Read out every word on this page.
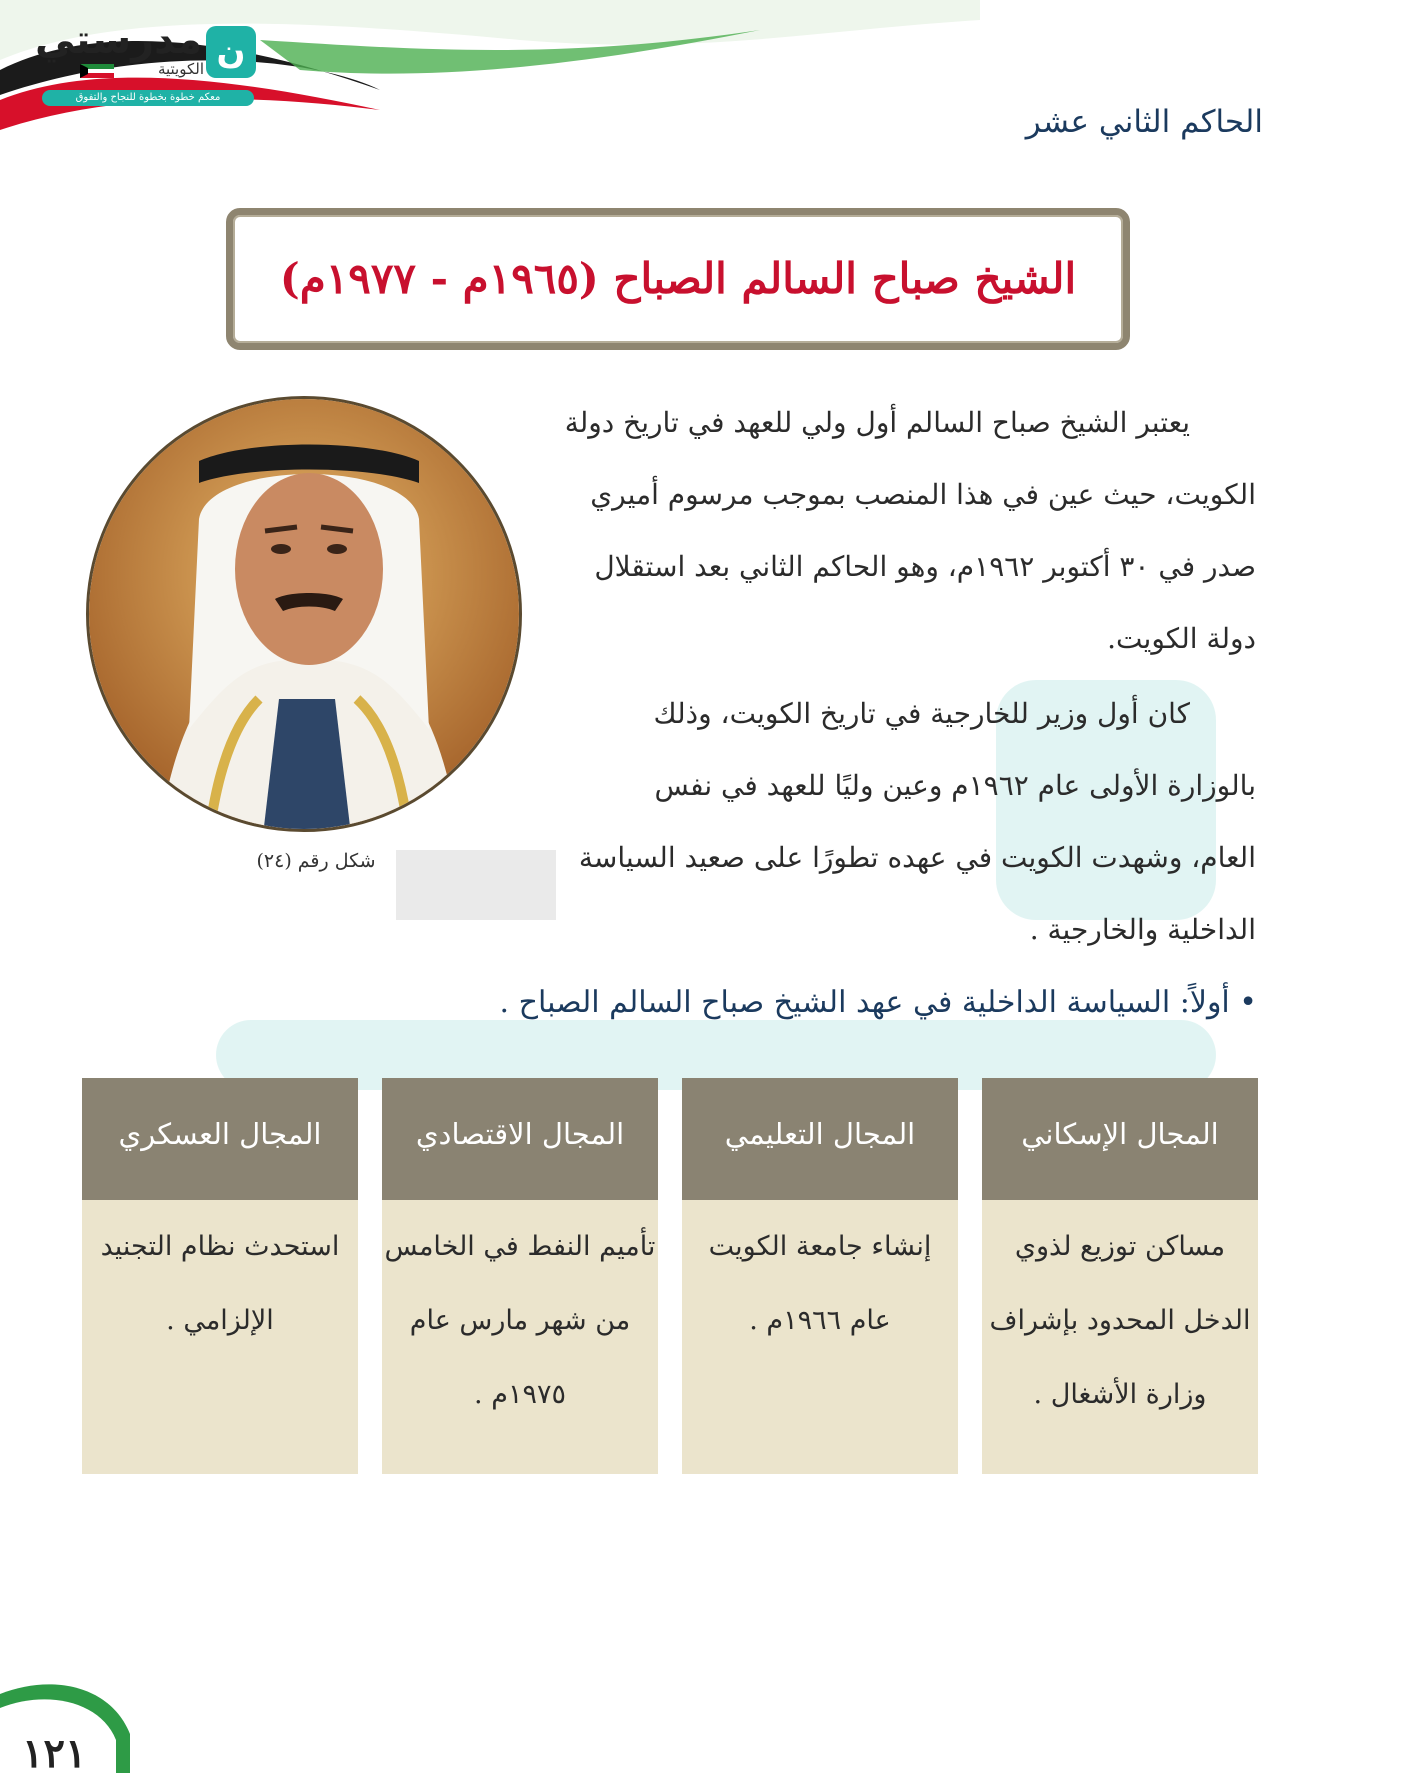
ن
مدرستي
الكويتية
معكم خطوة بخطوة للنجاح والتفوق
الحاكم الثاني عشر
الشيخ صباح السالم الصباح (١٩٦٥م - ١٩٧٧م)
شكل رقم (٢٤)
يعتبر الشيخ صباح السالم أول ولي للعهد في تاريخ دولة
الكويت، حيث عين في هذا المنصب بموجب مرسوم أميري
صدر في ٣٠ أكتوبر ١٩٦٢م، وهو الحاكم الثاني بعد استقلال
دولة الكويت.
كان أول وزير للخارجية في تاريخ الكويت، وذلك
بالوزارة الأولى عام ١٩٦٢م وعين وليًا للعهد في نفس
العام، وشهدت الكويت في عهده تطورًا على صعيد السياسة
الداخلية والخارجية .
• أولاً: السياسة الداخلية في عهد الشيخ صباح السالم الصباح .
المجال الإسكاني
مساكن توزيع لذوي
الدخل المحدود بإشراف
وزارة الأشغال .
المجال التعليمي
إنشاء جامعة الكويت
عام ١٩٦٦م .
المجال الاقتصادي
تأميم النفط في الخامس
من شهر مارس عام
١٩٧٥م .
المجال العسكري
استحدث نظام التجنيد
الإلزامي .
١٢١
